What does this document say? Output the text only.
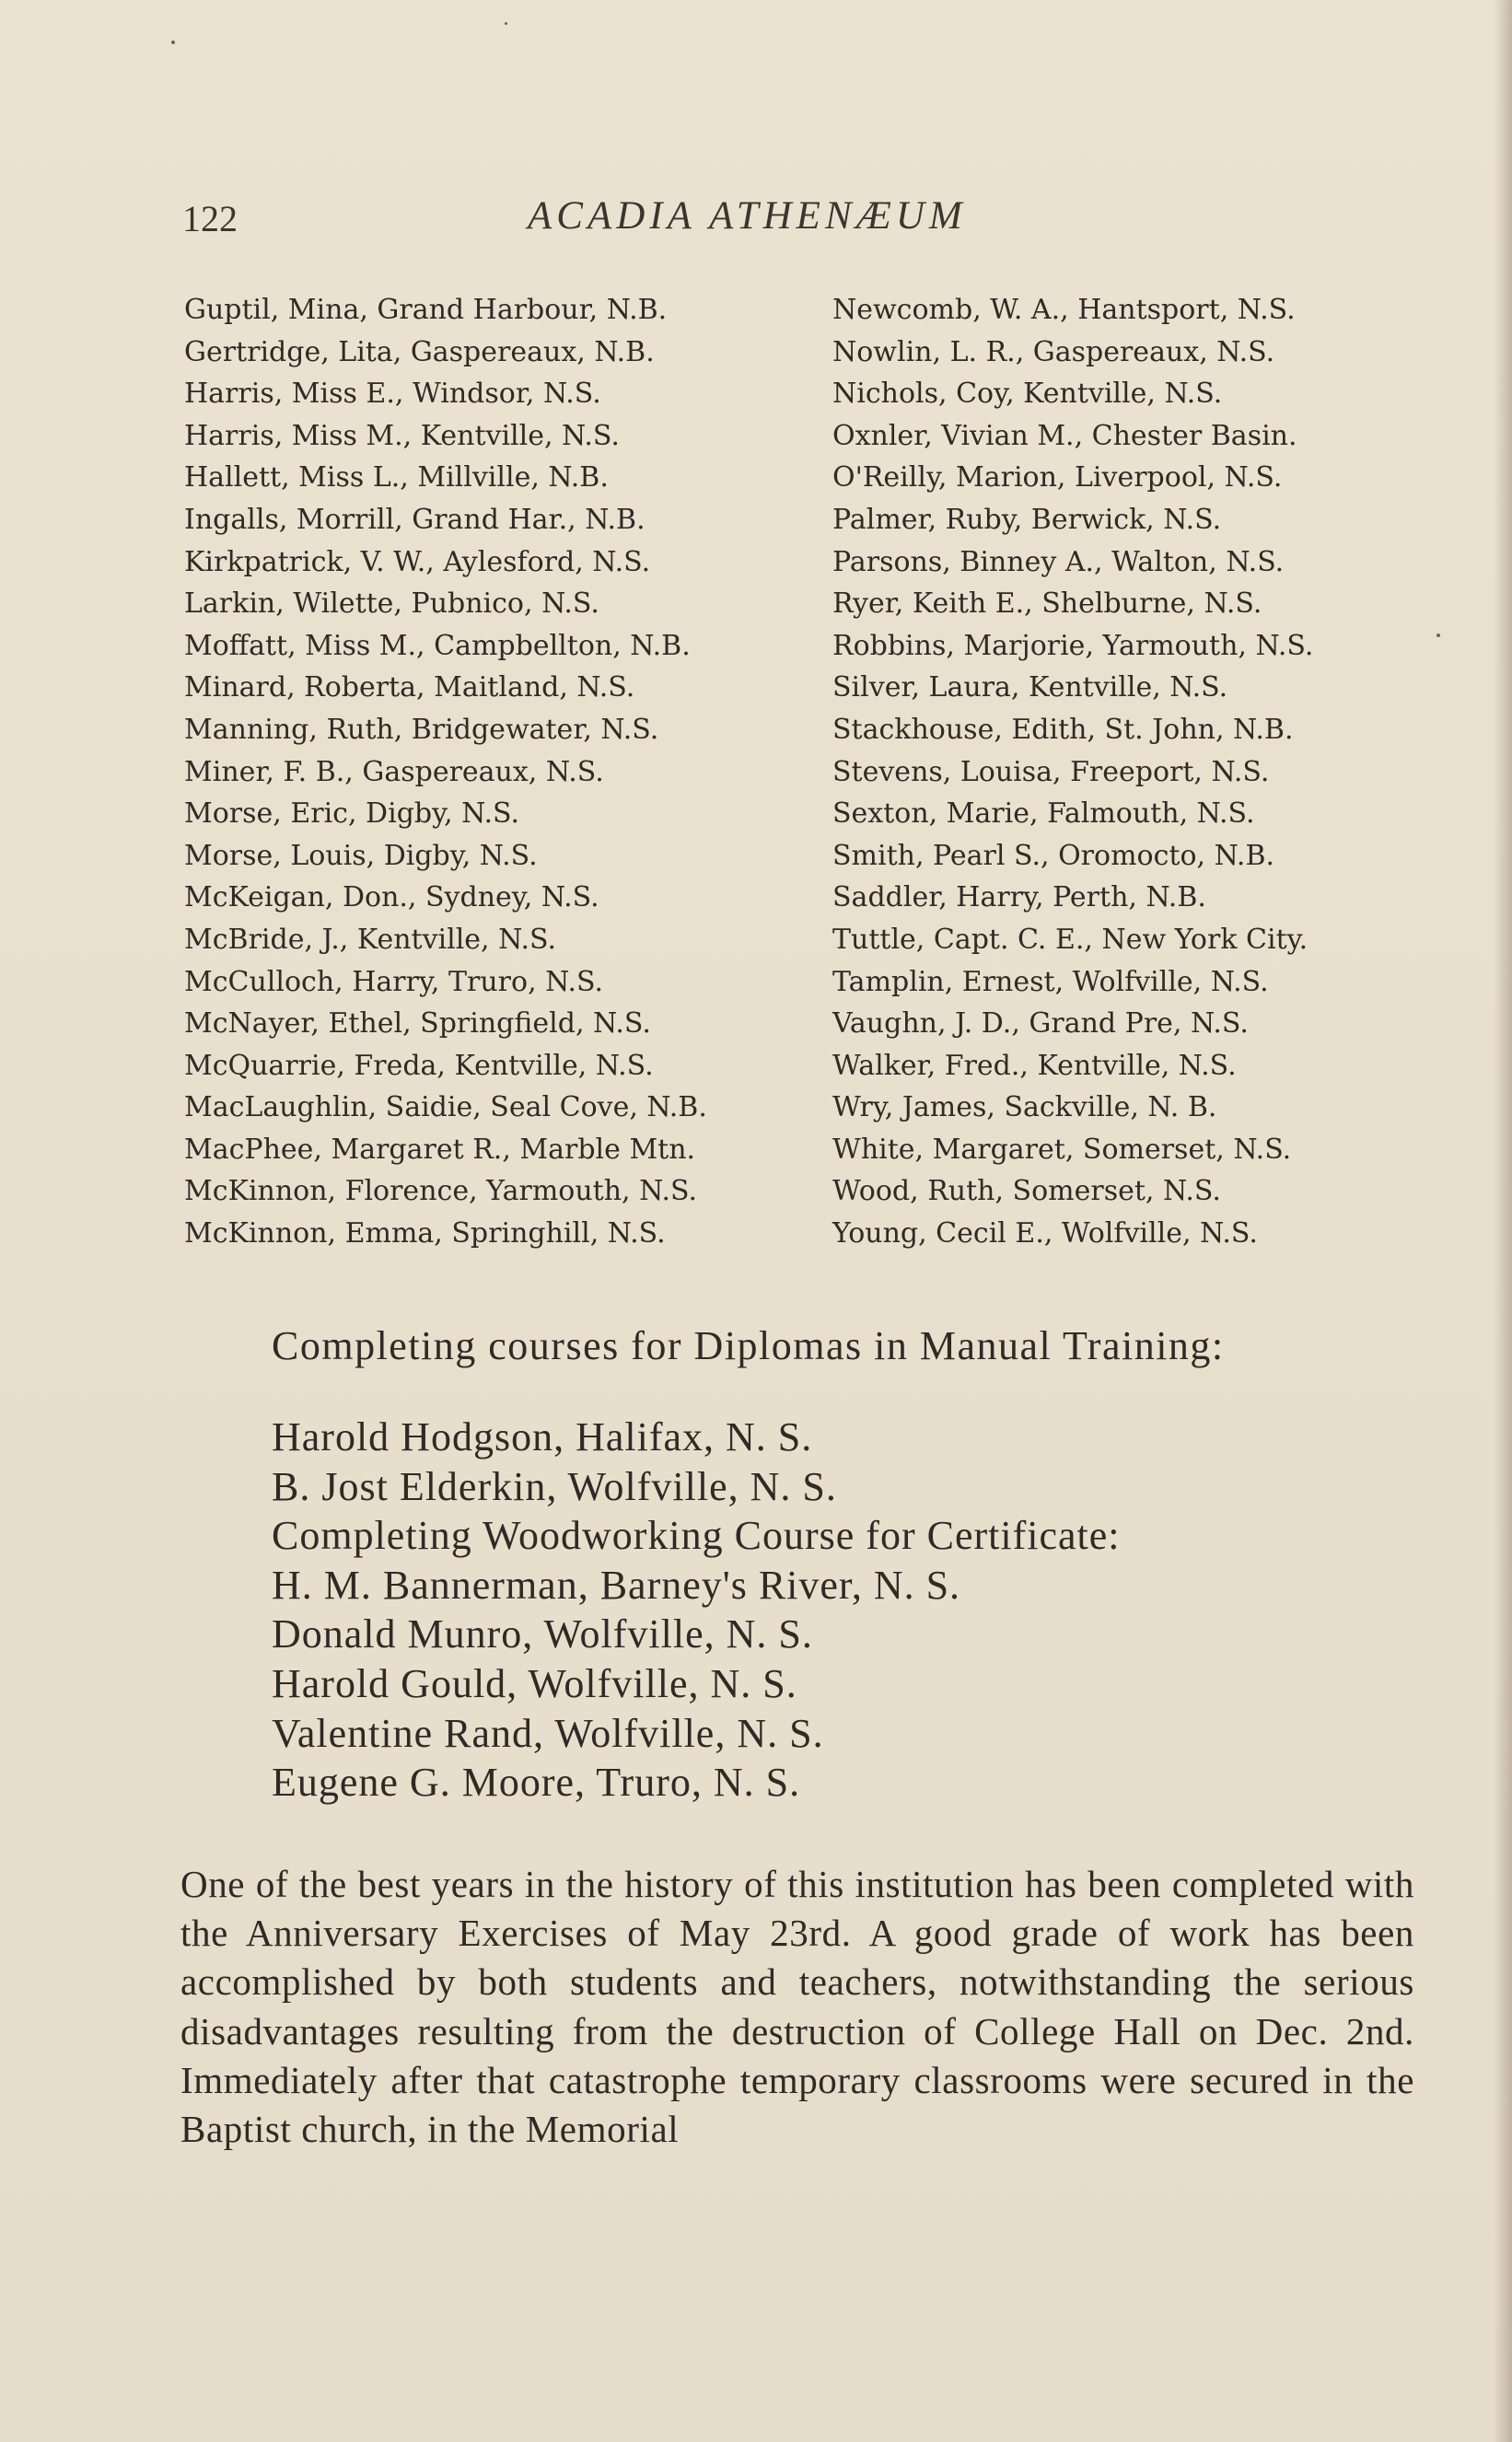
122	ACADIA ATHENÆUM
Guptil, Mina, Grand Harbour, N.B.
Gertridge, Lita, Gaspereaux, N.B.
Harris, Miss E., Windsor, N.S.
Harris, Miss M., Kentville, N.S.
Hallett, Miss L., Millville, N.B.
Ingalls, Morrill, Grand Har., N.B.
Kirkpatrick, V. W., Aylesford, N.S.
Larkin, Wilette, Pubnico, N.S.
Moffatt, Miss M., Campbellton, N.B.
Minard, Roberta, Maitland, N.S.
Manning, Ruth, Bridgewater, N.S.
Miner, F. B., Gaspereaux, N.S.
Morse, Eric, Digby, N.S.
Morse, Louis, Digby, N.S.
McKeigan, Don., Sydney, N.S.
McBride, J., Kentville, N.S.
McCulloch, Harry, Truro, N.S.
McNayer, Ethel, Springfield, N.S.
McQuarrie, Freda, Kentville, N.S.
MacLaughlin, Saidie, Seal Cove, N.B.
MacPhee, Margaret R., Marble Mtn.
McKinnon, Florence, Yarmouth, N.S.
McKinnon, Emma, Springhill, N.S.
Newcomb, W. A., Hantsport, N.S.
Nowlin, L. R., Gaspereaux, N.S.
Nichols, Coy, Kentville, N.S.
Oxnler, Vivian M., Chester Basin.
O'Reilly, Marion, Liverpool, N.S.
Palmer, Ruby, Berwick, N.S.
Parsons, Binney A., Walton, N.S.
Ryer, Keith E., Shelburne, N.S.
Robbins, Marjorie, Yarmouth, N.S.
Silver, Laura, Kentville, N.S.
Stackhouse, Edith, St. John, N.B.
Stevens, Louisa, Freeport, N.S.
Sexton, Marie, Falmouth, N.S.
Smith, Pearl S., Oromocto, N.B.
Saddler, Harry, Perth, N.B.
Tuttle, Capt. C. E., New York City.
Tamplin, Ernest, Wolfville, N.S.
Vaughn, J. D., Grand Pre, N.S.
Walker, Fred., Kentville, N.S.
Wry, James, Sackville, N. B.
White, Margaret, Somerset, N.S.
Wood, Ruth, Somerset, N.S.
Young, Cecil E., Wolfville, N.S.

Completing courses for Diplomas in Manual Training:

Harold Hodgson, Halifax, N. S.
B. Jost Elderkin, Wolfville, N. S.
Completing Woodworking Course for Certificate:
H. M. Bannerman, Barney's River, N. S.
Donald Munro, Wolfville, N. S.
Harold Gould, Wolfville, N. S.
Valentine Rand, Wolfville, N. S.
Eugene G. Moore, Truro, N. S.

One of the best years in the history of this institution has been completed with the Anniversary Exercises of May 23rd. A good grade of work has been accomplished by both students and teachers, notwithstanding the serious disadvantages resulting from the destruction of College Hall on Dec. 2nd. Immediately after that catastrophe temporary classrooms were secured in the Baptist church, in the Memorial
